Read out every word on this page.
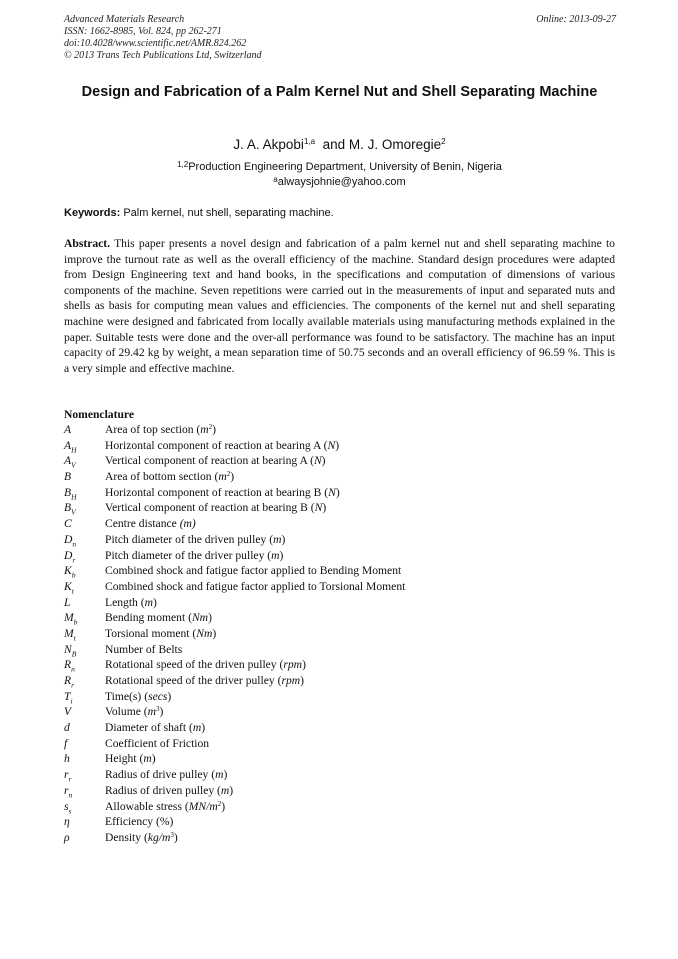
Advanced Materials Research
ISSN: 1662-8985, Vol. 824, pp 262-271
doi:10.4028/www.scientific.net/AMR.824.262
© 2013 Trans Tech Publications Ltd, Switzerland
Online: 2013-09-27
Design and Fabrication of a Palm Kernel Nut and Shell Separating Machine
J. A. Akpobi$^{1,a}$ and M. J. Omoregie$^2$
$^{1,2}$Production Engineering Department, University of Benin, Nigeria
$^a$alwaysjohnie@yahoo.com
Keywords: Palm kernel, nut shell, separating machine.
Abstract. This paper presents a novel design and fabrication of a palm kernel nut and shell separating machine to improve the turnout rate as well as the overall efficiency of the machine. Standard design procedures were adapted from Design Engineering text and hand books, in the specifications and computation of dimensions of various components of the machine. Seven repetitions were carried out in the measurements of input and separated nuts and shells as basis for computing mean values and efficiencies. The components of the kernel nut and shell separating machine were designed and fabricated from locally available materials using manufacturing methods explained in the paper. Suitable tests were done and the over-all performance was found to be satisfactory. The machine has an input capacity of 29.42 kg by weight, a mean separation time of 50.75 seconds and an overall efficiency of 96.59 %. This is a very simple and effective machine.
Nomenclature
A	Area of top section $(m^2)$
$A_H$ Horizontal component of reaction at bearing A (N)
$A_V$	Vertical component of reaction at bearing A (N)
B	Area of bottom section $(m^2)$
$B_H$ Horizontal component of reaction at bearing B (N)
$B_V$	Vertical component of reaction at bearing B (N)
C	Centre distance (m)
$D_n$ Pitch diameter of the driven pulley (m)
$D_r$	Pitch diameter of the driver pulley (m)
$K_b$	Combined shock and fatigue factor applied to Bending Moment
$K_t$	Combined shock and fatigue factor applied to Torsional Moment
L	Length (m)
$M_b$ Bending moment (Nm)
$M_t$	Torsional moment (Nm)
$N_B$ Number of Belts
$R_n$	Rotational speed of the driven pulley (rpm)
$R_r$	Rotational speed of the driver pulley (rpm)
$T_i$	Time(s) (secs)
V	Volume $(m^3)$
d	Diameter of shaft (m)
f	Coefficient of Friction
h	Height (m)
$r_r$	Radius of drive pulley (m)
$r_n$	Radius of driven pulley (m)
$s_s$	Allowable stress $(MN/m^2)$
η	Efficiency (%)
ρ	Density $(kg/m^3)$
